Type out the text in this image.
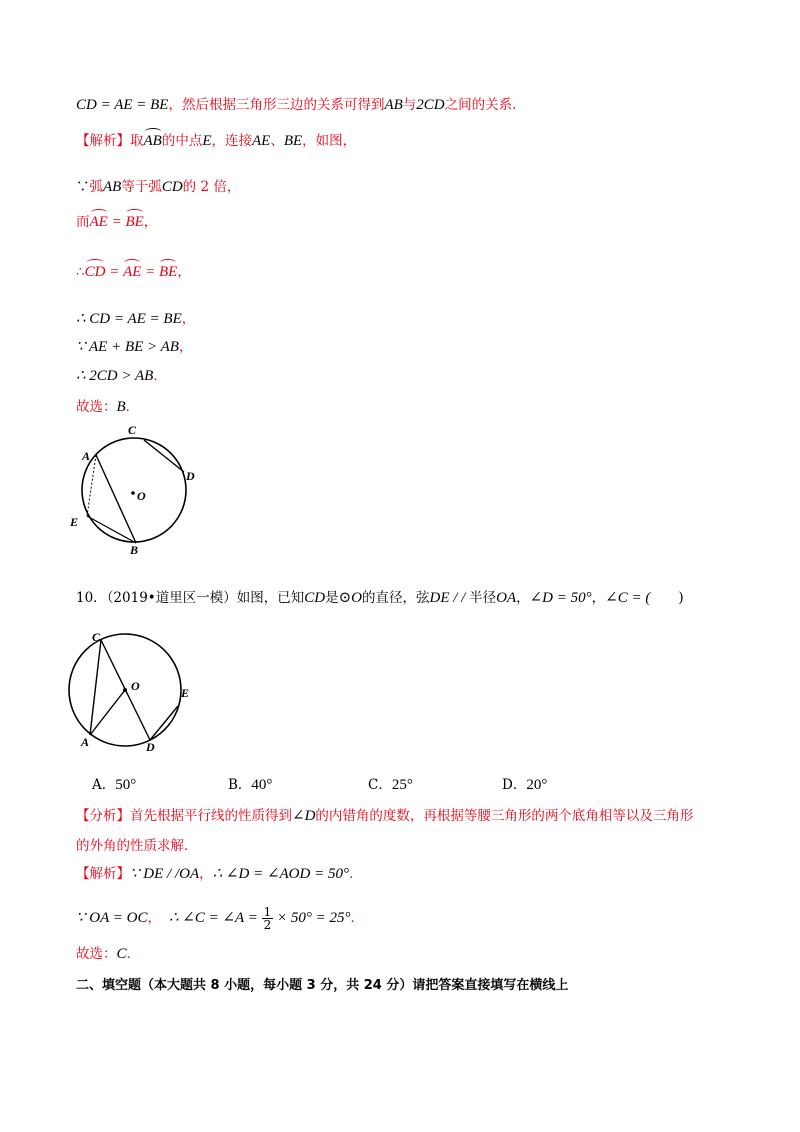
CD = AE = BE，然后根据三角形三边的关系可得到AB与2CD之间的关系．
【解析】取AB的中点E，连接AE、BE，如图，
∵弧AB等于弧CD的 2 倍，
而AE = BE，
∴CD = AE = BE，
∴ CD = AE = BE，
∵ AE + BE > AB，
∴ 2CD > AB．
故选：B．
C
A
D
O
E
B
10．（2019•道里区一模）如图，已知CD是⊙O的直径，弦DE / / 半径OA，∠D = 50°，∠C = ( )
C
O	E
A	D
A．50°	B．40°	C．25°	D．20°
【分析】首先根据平行线的性质得到∠D的内错角的度数，再根据等腰三角形的两个底角相等以及三角形
的外角的性质求解．
【解析】∵ DE / /OA，∴ ∠D = ∠AOD = 50°．
∵ OA = OC， ∴ ∠C = ∠A = $\frac{1}{2} \times 50^\circ = 25^\circ$．
故选：C．
二、填空题（本大题共 8 小题，每小题 3 分，共 24 分）请把答案直接填写在横线上
